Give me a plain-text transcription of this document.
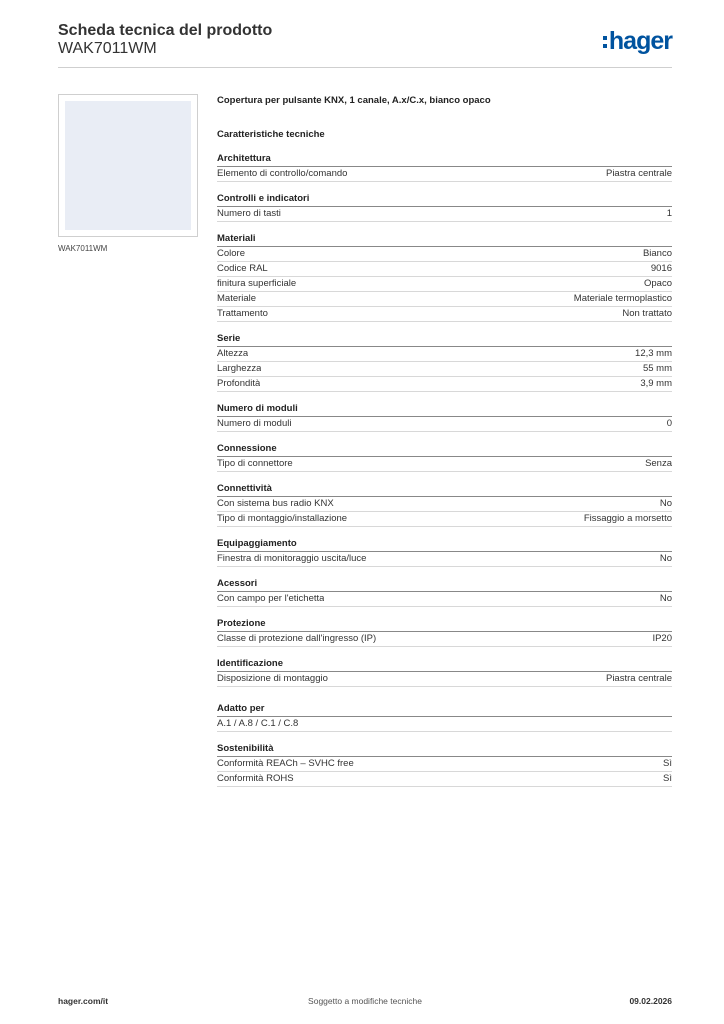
Scheda tecnica del prodotto
WAK7011WM	hager
WAK7011WM
Copertura per pulsante KNX, 1 canale, A.x/C.x, bianco opaco
Caratteristiche tecniche
Architettura
Elemento di controllo/comando	Piastra centrale
Controlli e indicatori
Numero di tasti	1
Materiali
Colore	Bianco
Codice RAL	9016
finitura superficiale	Opaco
Materiale	Materiale termoplastico
Trattamento	Non trattato
Serie
Altezza	12,3 mm
Larghezza	55 mm
Profondità	3,9 mm
Numero di moduli
Numero di moduli	0
Connessione
Tipo di connettore	Senza
Connettività
Con sistema bus radio KNX	No
Tipo di montaggio/installazione	Fissaggio a morsetto
Equipaggiamento
Finestra di monitoraggio uscita/luce	No
Acessori
Con campo per l'etichetta	No
Protezione
Classe di protezione dall'ingresso (IP)	IP20
Identificazione
Disposizione di montaggio	Piastra centrale
Adatto per
A.1 / A.8 / C.1 / C.8
Sostenibilità
Conformità REACh – SVHC free	Sì
Conformità ROHS	Sì
hager.com/it	Soggetto a modifiche tecniche	09.02.2026
